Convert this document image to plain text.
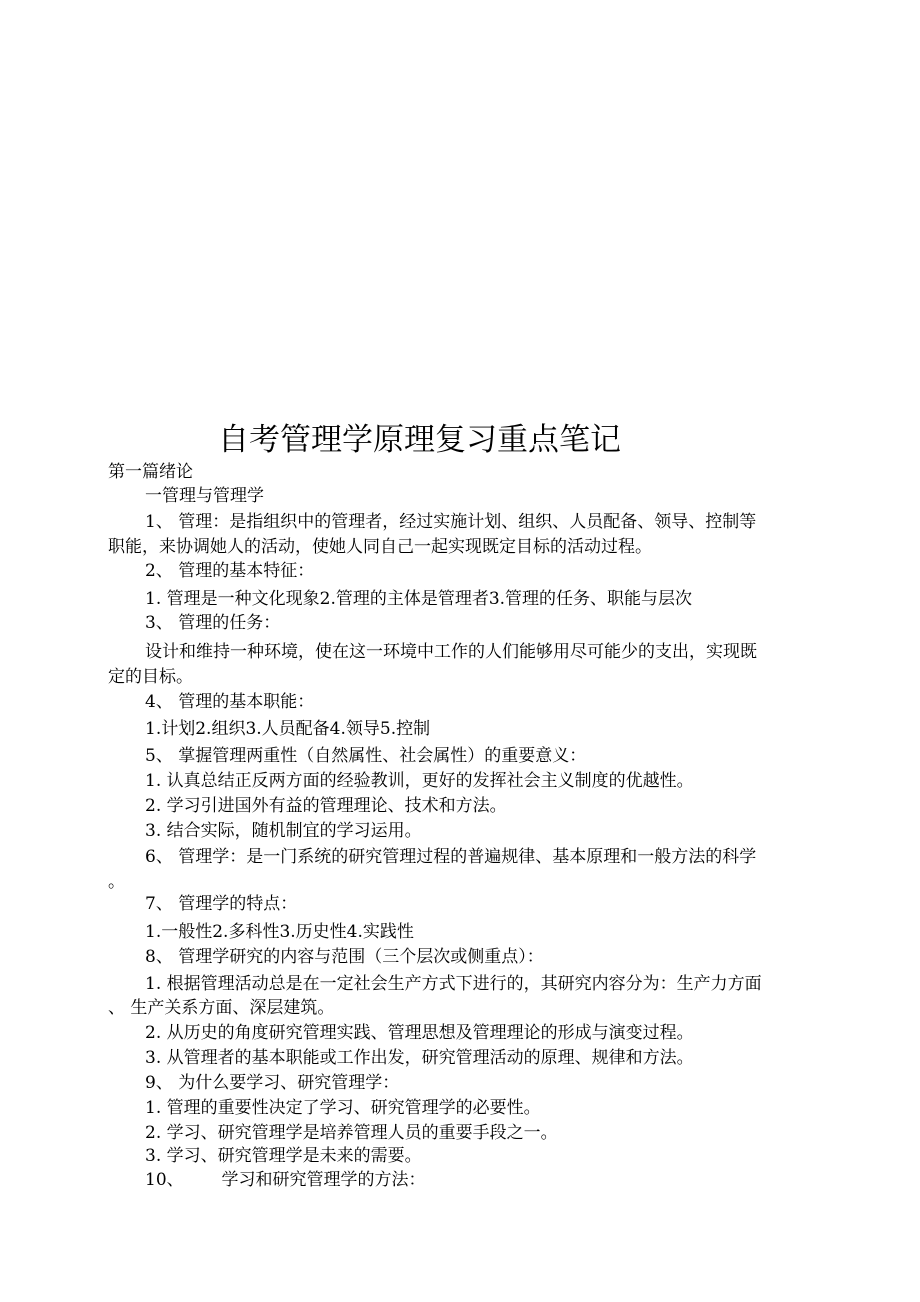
自考管理学原理复习重点笔记
第一篇绪论
一管理与管理学
1、 管理：是指组织中的管理者，经过实施计划、组织、人员配备、领导、控制等
职能，来协调她人的活动，使她人同自己一起实现既定目标的活动过程。
2、 管理的基本特征：
1. 管理是一种文化现象2.管理的主体是管理者3.管理的任务、职能与层次
3、 管理的任务：
设计和维持一种环境，使在这一环境中工作的人们能够用尽可能少的支出，实现既
定的目标。
4、 管理的基本职能：
1.计划2.组织3.人员配备4.领导5.控制
5、 掌握管理两重性（自然属性、社会属性）的重要意义：
1. 认真总结正反两方面的经验教训，更好的发挥社会主义制度的优越性。
2. 学习引进国外有益的管理理论、技术和方法。
3. 结合实际，随机制宜的学习运用。
6、 管理学：是一门系统的研究管理过程的普遍规律、基本原理和一般方法的科学
。
7、 管理学的特点：
1.一般性2.多科性3.历史性4.实践性
8、 管理学研究的内容与范围（三个层次或侧重点）：
1. 根据管理活动总是在一定社会生产方式下进行的，其研究内容分为：生产力方面
、 生产关系方面、深层建筑。
2. 从历史的角度研究管理实践、管理思想及管理理论的形成与演变过程。
3. 从管理者的基本职能或工作出发，研究管理活动的原理、规律和方法。
9、 为什么要学习、研究管理学：
1. 管理的重要性决定了学习、研究管理学的必要性。
2. 学习、研究管理学是培养管理人员的重要手段之一。
3. 学习、研究管理学是未来的需要。
10、       学习和研究管理学的方法：
